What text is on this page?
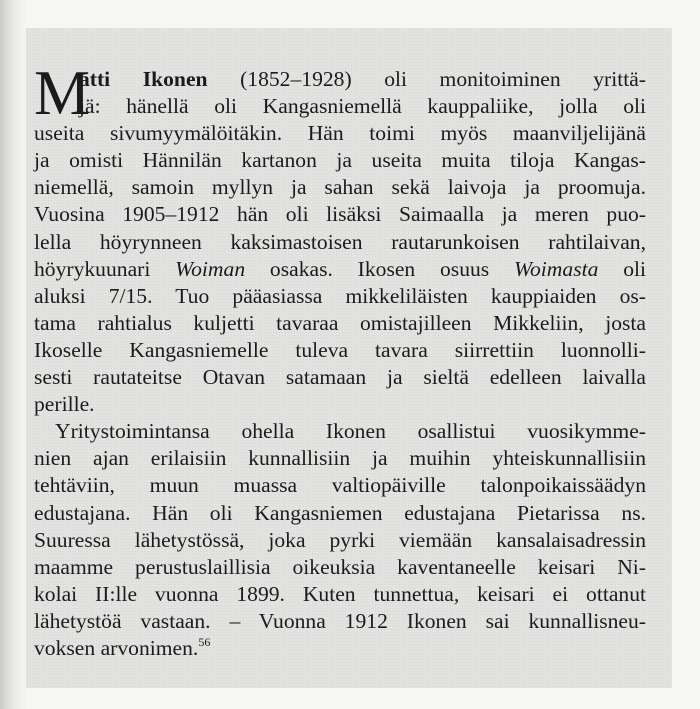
M
atti Ikonen (1852–1928) oli monitoiminen yrittä-
jä: hänellä oli Kangasniemellä kauppaliike, jolla oli
useita sivumyymälöitäkin. Hän toimi myös maanviljelijänä
ja omisti Hännilän kartanon ja useita muita tiloja Kangas-
niemellä, samoin myllyn ja sahan sekä laivoja ja proomuja.
Vuosina 1905–1912 hän oli lisäksi Saimaalla ja meren puo-
lella höyrynneen kaksimastoisen rautarunkoisen rahtilaivan,
höyrykuunari Woiman osakas. Ikosen osuus Woimasta oli
aluksi 7/15. Tuo pääasiassa mikkeliläisten kauppiaiden os-
tama rahtialus kuljetti tavaraa omistajilleen Mikkeliin, josta
Ikoselle Kangasniemelle tuleva tavara siirrettiin luonnolli-
sesti rautateitse Otavan satamaan ja sieltä edelleen laivalla
perille.
Yritystoimintansa ohella Ikonen osallistui vuosikymme-
nien ajan erilaisiin kunnallisiin ja muihin yhteiskunnallisiin
tehtäviin, muun muassa valtiopäiville talonpoikaissäädyn
edustajana. Hän oli Kangasniemen edustajana Pietarissa ns.
Suuressa lähetystössä, joka pyrki viemään kansalaisadressin
maamme perustuslaillisia oikeuksia kaventaneelle keisari Ni-
kolai II:lle vuonna 1899. Kuten tunnettua, keisari ei ottanut
lähetystöä vastaan. – Vuonna 1912 Ikonen sai kunnallisneu-
voksen arvonimen.$^{56}$
